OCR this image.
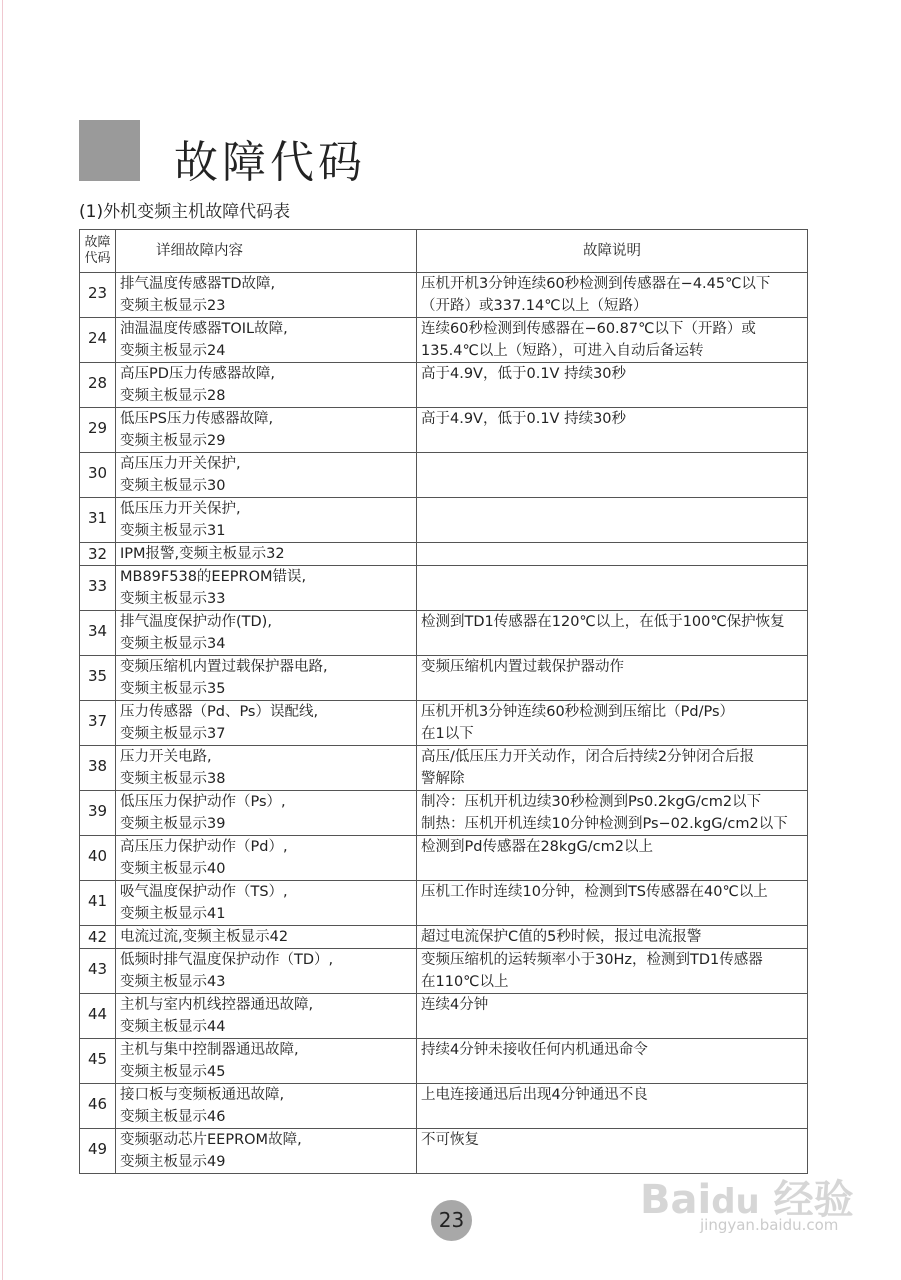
故障代码
(1)外机变频主机故障代码表
故障
代码	详细故障内容	故障说明

23	排气温度传感器TD故障,
变频主板显示23	压机开机3分钟连续60秒检测到传感器在−4.45℃以下
（开路）或337.14℃以上（短路）

24	油温温度传感器TOIL故障,
变频主板显示24	连续60秒检测到传感器在−60.87℃以下（开路）或
135.4℃以上（短路），可进入自动后备运转

28	高压PD压力传感器故障,
变频主板显示28	高于4.9V，低于0.1V 持续30秒

29	低压PS压力传感器故障,
变频主板显示29	高于4.9V，低于0.1V 持续30秒

30	高压压力开关保护,
变频主板显示30	

31	低压压力开关保护,
变频主板显示31	

32	IPM报警,变频主板显示32	

33	MB89F538的EEPROM错误,
变频主板显示33	

34	排气温度保护动作(TD),
变频主板显示34	检测到TD1传感器在120℃以上，在低于100℃保护恢复

35	变频压缩机内置过载保护器电路,
变频主板显示35	变频压缩机内置过载保护器动作

37	压力传感器（Pd、Ps）误配线,
变频主板显示37	压机开机3分钟连续60秒检测到压缩比（Pd/Ps）
在1以下

38	压力开关电路,
变频主板显示38	高压/低压压力开关动作，闭合后持续2分钟闭合后报
警解除

39	低压压力保护动作（Ps）,
变频主板显示39	制冷：压机开机边续30秒检测到Ps0.2kgG/cm2以下
制热：压机开机连续10分钟检测到Ps−02.kgG/cm2以下

40	高压压力保护动作（Pd）,
变频主板显示40	检测到Pd传感器在28kgG/cm2以上

41	吸气温度保护动作（TS）,
变频主板显示41	压机工作时连续10分钟，检测到TS传感器在40℃以上

42	电流过流,变频主板显示42	超过电流保护C值的5秒时候，报过电流报警

43	低频时排气温度保护动作（TD）,
变频主板显示43	变频压缩机的运转频率小于30Hz，检测到TD1传感器
在110℃以上

44	主机与室内机线控器通迅故障,
变频主板显示44	连续4分钟

45	主机与集中控制器通迅故障,
变频主板显示45	持续4分钟未接收任何内机通迅命令

46	接口板与变频板通迅故障,
变频主板显示46	上电连接通迅后出现4分钟通迅不良

49	变频驱动芯片EEPROM故障,
变频主板显示49	不可恢复
Baidu 经验
jingyan.baidu.com
23
